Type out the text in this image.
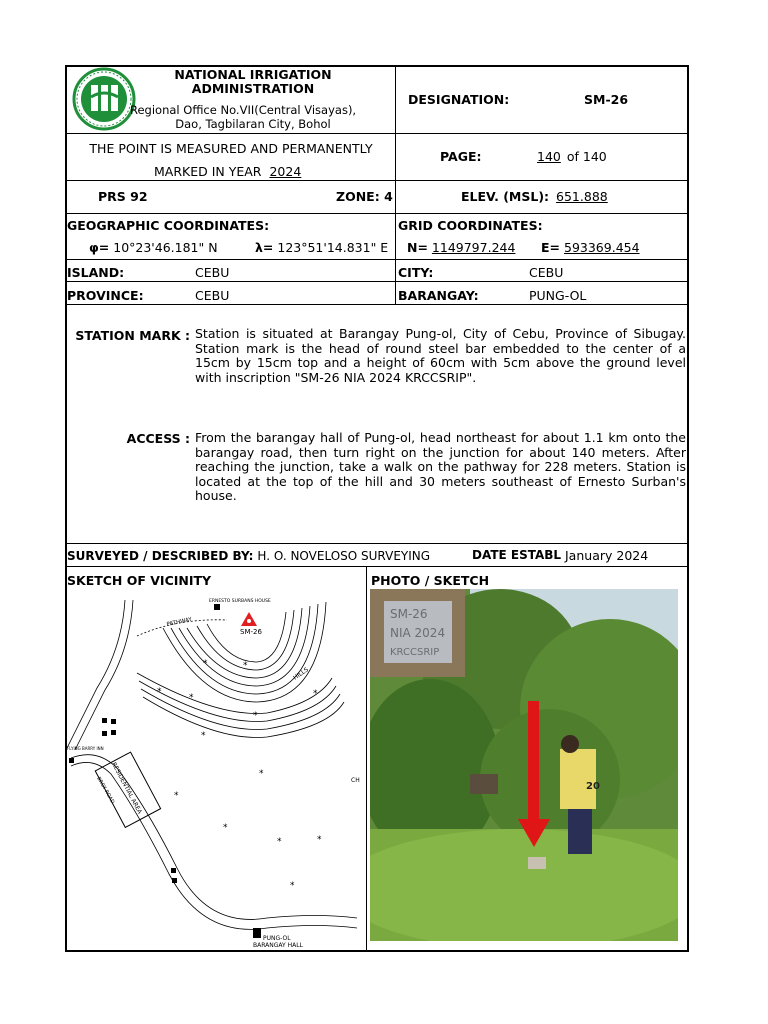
NATIONAL IRRIGATION ADMINISTRATION
Regional Office No.VII(Central Visayas),
Dao, Tagbilaran City, Bohol
DESIGNATION:	SM-26
THE POINT IS MEASURED AND PERMANENTLY
MARKED IN YEAR 2024
PAGE:	140 of 140
PRS 92	ZONE: 4	ELEV. (MSL): 651.888
GEOGRAPHIC COORDINATES:
φ= 10°23'46.181" N	λ= 123°51'14.831" E
GRID COORDINATES:
N= 1149797.244 E= 593369.454
ISLAND:	CEBU	CITY:	CEBU
PROVINCE:	CEBU	BARANGAY:	PUNG-OL
STATION MARK : Station is situated at Barangay Pung-ol, City of Cebu, Province of Sibugay. Station mark is the head of round steel bar embedded to the center of a 15cm by 15cm top and a height of 60cm with 5cm above the ground level with inscription "SM-26 NIA 2024 KRCCSRIP".
ACCESS : From the barangay hall of Pung-ol, head northeast for about 1.1 km onto the barangay road, then turn right on the junction for about 140 meters. After reaching the junction, take a walk on the pathway for 228 meters. Station is located at the top of the hill and 30 meters southeast of Ernesto Surban's house.
SURVEYED / DESCRIBED BY: H. O. NOVELOSO SURVEYING	DATE ESTABL January 2024
SKETCH OF VICINITY	PHOTO / SKETCH
RESIDENTIAL AREA
SM-26
ERNESTO SURBANS HOUSE
PATHWAY
HILLS
BRGY ROAD
FLYING BARRY INN
CH
PUNG-OL
BARANGAY HALL
*	*
*
*
*
*
*
*
*
*
*	*
*
SM-26
NIA 2024
KRCCSRIP
20
